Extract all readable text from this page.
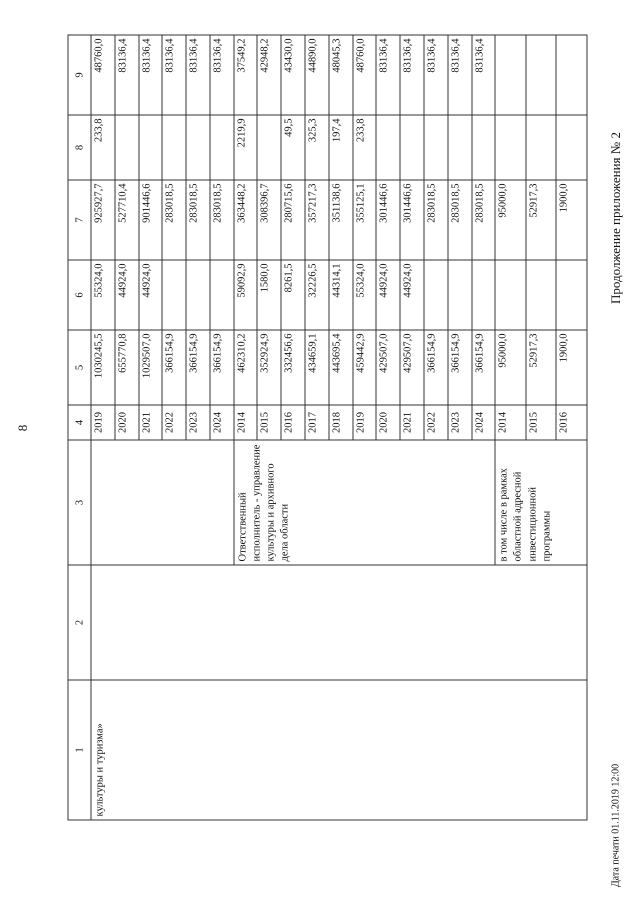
8
Продолжение приложения № 2
Дата печати 01.11.2019 12:00
1	2	3	4	5	6	7	8	9
культуры и туризма»			2019	1030245,5	55324,0	925927,7	233,8	48760,0
			2020	655770,8	44924,0	527710,4		83136,4
			2021	1029507,0	44924,0	901446,6		83136,4
			2022	366154,9		283018,5		83136,4
			2023	366154,9		283018,5		83136,4
			2024	366154,9		283018,5		83136,4
		Ответственный исполнитель - управление культуры и архивного дела области	2014	462310,2	59092,9	363448,2	2219,9	37549,2
			2015	352924,9	1580,0	308396,7		42948,2
			2016	332456,6	8261,5	280715,6	49,5	43430,0
			2017	434659,1	32226,5	357217,3	325,3	44890,0
			2018	443695,4	44314,1	351138,6	197,4	48045,3
			2019	459442,9	55324,0	355125,1	233,8	48760,0
			2020	429507,0	44924,0	301446,6		83136,4
			2021	429507,0	44924,0	301446,6		83136,4
			2022	366154,9		283018,5		83136,4
			2023	366154,9		283018,5		83136,4
			2024	366154,9		283018,5		83136,4
		в том числе в рамках областной адресной инвестиционной программы	2014	95000,0		95000,0		
			2015	52917,3		52917,3		
			2016	1900,0		1900,0		
